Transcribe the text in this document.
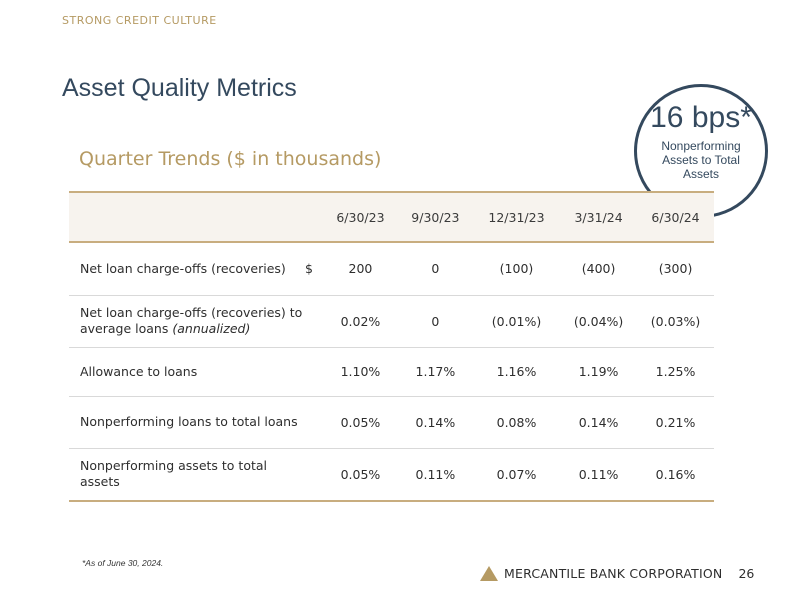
STRONG CREDIT CULTURE
Asset Quality Metrics
Quarter Trends ($ in thousands)
16 bps*
Nonperforming Assets to Total Assets
		6/30/23	9/30/23	12/31/23	3/31/24	6/30/24
Net loan charge-offs (recoveries)	$	200	0	(100)	(400)	(300)
Net loan charge-offs (recoveries) to
average loans (annualized)		0.02%	0	(0.01%)	(0.04%)	(0.03%)
Allowance to loans		1.10%	1.17%	1.16%	1.19%	1.25%
Nonperforming loans to total loans		0.05%	0.14%	0.08%	0.14%	0.21%
Nonperforming assets to total assets		0.05%	0.11%	0.07%	0.11%	0.16%
*As of June 30, 2024.
MERCANTILE BANK CORPORATION 26
